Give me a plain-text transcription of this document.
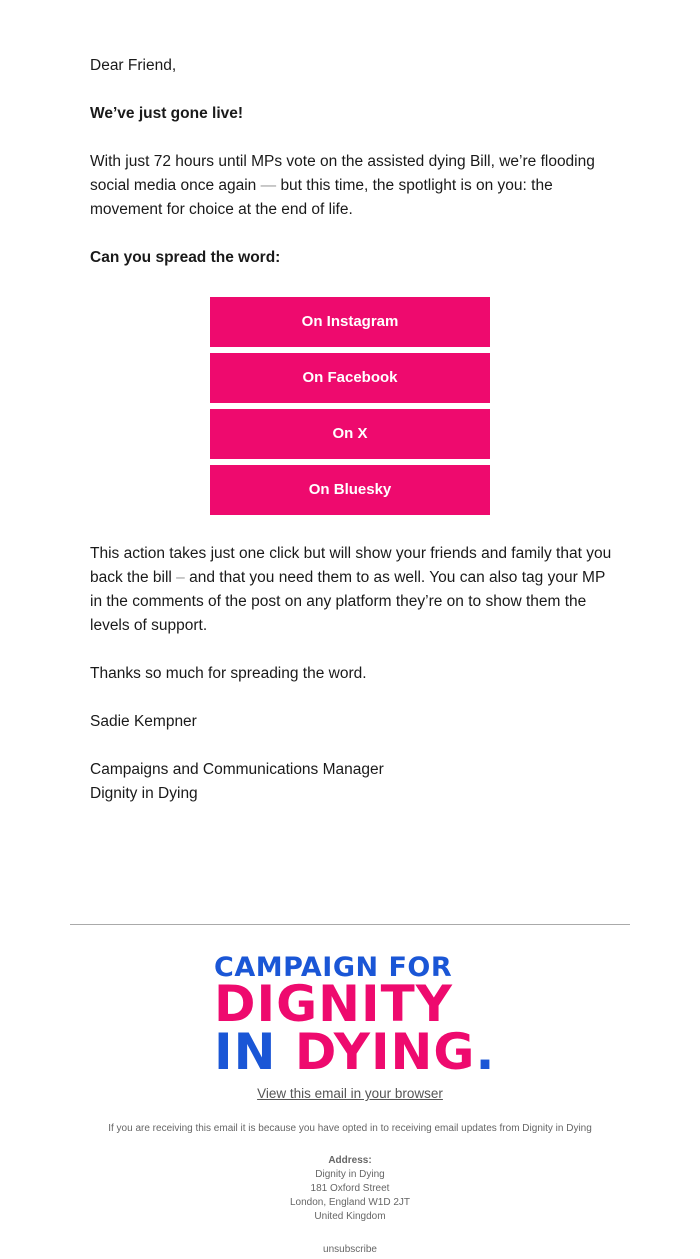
Dear Friend,

We’ve just gone live!

With just 72 hours until MPs vote on the assisted dying Bill, we’re flooding social media once again — but this time, the spotlight is on you: the movement for choice at the end of life.

Can you spread the word:

On Instagram
On Facebook
On X
On Bluesky

This action takes just one click but will show your friends and family that you back the bill – and that you need them to as well. You can also tag your MP in the comments of the post on any platform they’re on to show them the levels of support.

Thanks so much for spreading the word.

Sadie Kempner

Campaigns and Communications Manager

Dignity in Dying

CAMPAIGN FOR
DIGNITY
IN DYING.
View this email in your browser
If you are receiving this email it is because you have opted in to receiving email updates from Dignity in Dying
Address:
Dignity in Dying
181 Oxford Street
London, England W1D 2JT
United Kingdom
unsubscribe
